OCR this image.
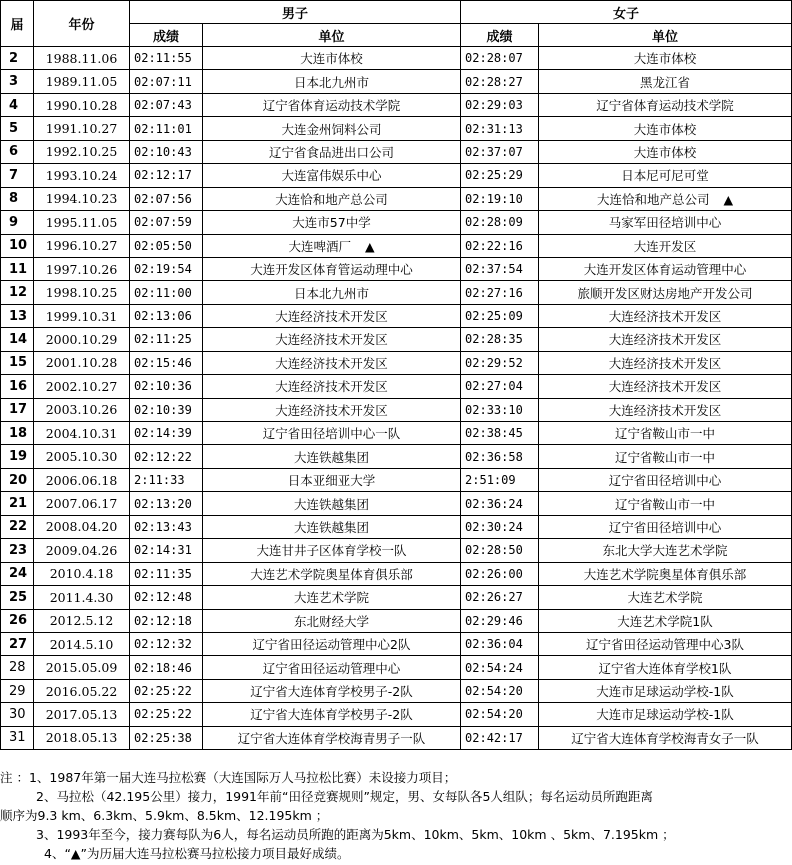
届	年份	男子		女子	
		成绩	单位	成绩	单位
2	1988.11.06	02:11:55	大连市体校	02:28:07	大连市体校
3	1989.11.05	02:07:11	日本北九州市	02:28:27	黑龙江省
4	1990.10.28	02:07:43	辽宁省体育运动技术学院	02:29:03	辽宁省体育运动技术学院
5	1991.10.27	02:11:01	大连金州饲料公司	02:31:13	大连市体校
6	1992.10.25	02:10:43	辽宁省食品进出口公司	02:37:07	大连市体校
7	1993.10.24	02:12:17	大连富伟娱乐中心	02:25:29	日本尼可尼可堂
8	1994.10.23	02:07:56	大连恰和地产总公司	02:19:10	大连恰和地产总公司 ▲
9	1995.11.05	02:07:59	大连市57中学	02:28:09	马家军田径培训中心
10	1996.10.27	02:05:50	大连啤酒厂 ▲	02:22:16	大连开发区
11	1997.10.26	02:19:54	大连开发区体育管运动理中心	02:37:54	大连开发区体育运动管理中心
12	1998.10.25	02:11:00	日本北九州市	02:27:16	旅顺开发区财达房地产开发公司
13	1999.10.31	02:13:06	大连经济技术开发区	02:25:09	大连经济技术开发区
14	2000.10.29	02:11:25	大连经济技术开发区	02:28:35	大连经济技术开发区
15	2001.10.28	02:15:46	大连经济技术开发区	02:29:52	大连经济技术开发区
16	2002.10.27	02:10:36	大连经济技术开发区	02:27:04	大连经济技术开发区
17	2003.10.26	02:10:39	大连经济技术开发区	02:33:10	大连经济技术开发区
18	2004.10.31	02:14:39	辽宁省田径培训中心一队	02:38:45	辽宁省鞍山市一中
19	2005.10.30	02:12:22	大连铁越集团	02:36:58	辽宁省鞍山市一中
20	2006.06.18	2:11:33	日本亚细亚大学	2:51:09	辽宁省田径培训中心
21	2007.06.17	02:13:20	大连铁越集团	02:36:24	辽宁省鞍山市一中
22	2008.04.20	02:13:43	大连铁越集团	02:30:24	辽宁省田径培训中心
23	2009.04.26	02:14:31	大连甘井子区体育学校一队	02:28:50	东北大学大连艺术学院
24	2010.4.18	02:11:35	大连艺术学院奥星体育俱乐部	02:26:00	大连艺术学院奥星体育俱乐部
25	2011.4.30	02:12:48	大连艺术学院	02:26:27	大连艺术学院
26	2012.5.12	02:12:18	东北财经大学	02:29:46	大连艺术学院1队
27	2014.5.10	02:12:32	辽宁省田径运动管理中心2队	02:36:04	辽宁省田径运动管理中心3队
28	2015.05.09	02:18:46	辽宁省田径运动管理中心	02:54:24	辽宁省大连体育学校1队
29	2016.05.22	02:25:22	辽宁省大连体育学校男子-2队	02:54:20	大连市足球运动学校-1队
30	2017.05.13	02:25:22	辽宁省大连体育学校男子-2队	02:54:20	大连市足球运动学校-1队
31	2018.05.13	02:25:38	辽宁省大连体育学校海青男子一队	02:42:17	辽宁省大连体育学校海青女子一队
注 ：1、1987年第一届大连马拉松赛（大连国际万人马拉松比赛）未设接力项目；
2、马拉松（42.195公里）接力，1991年前“田径竞赛规则”规定，男、女每队各5人组队；每名运动员所跑距离
顺序为9.3 km、6.3km、5.9km、8.5km、12.195km ；
3、1993年至今，接力赛每队为6人，每名运动员所跑的距离为5km、10km、5km、10km 、5km、7.195km ；
4、“▲”为历届大连马拉松赛马拉松接力项目最好成绩。
